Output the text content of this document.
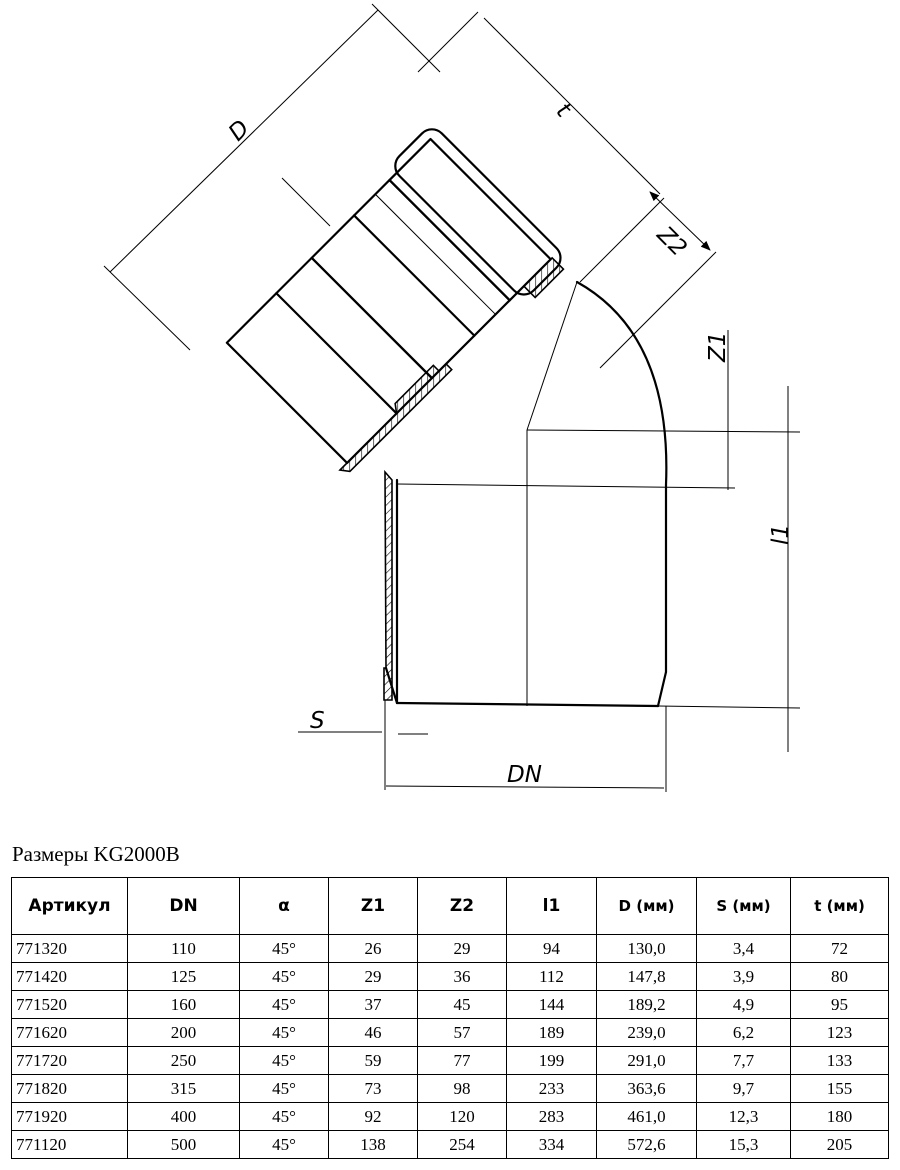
D
t
Z2
Z1
l1
S
DN
Размеры KG2000B
Артикул	DN	α	Z1	Z2	l1	D (мм)	S (мм)	t (мм)
771320	110	45°	26	29	94	130,0	3,4	72
771420	125	45°	29	36	112	147,8	3,9	80
771520	160	45°	37	45	144	189,2	4,9	95
771620	200	45°	46	57	189	239,0	6,2	123
771720	250	45°	59	77	199	291,0	7,7	133
771820	315	45°	73	98	233	363,6	9,7	155
771920	400	45°	92	120	283	461,0	12,3	180
771120	500	45°	138	254	334	572,6	15,3	205
